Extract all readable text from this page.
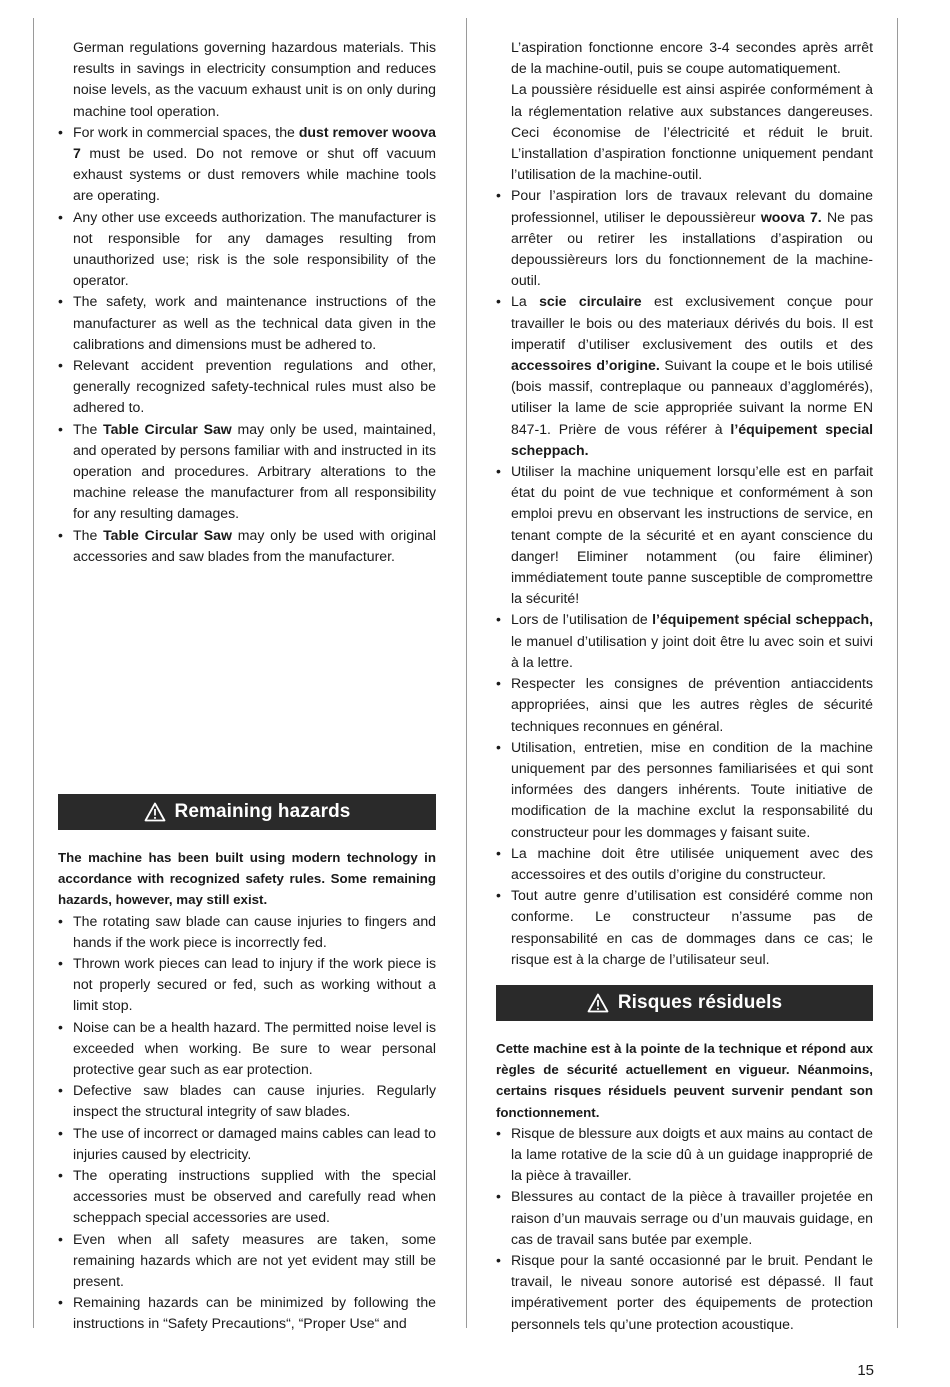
German regulations governing hazardous materials. This results in savings in electricity consumption and reduces noise levels, as the vacuum exhaust unit is on only during machine tool operation.

• For work in commercial spaces, the dust remover woova 7 must be used. Do not remove or shut off vacuum exhaust systems or dust removers while machine tools are operating.
• Any other use exceeds authorization. The manufacturer is not responsible for any damages resulting from unauthorized use; risk is the sole responsibility of the operator.
• The safety, work and maintenance instructions of the manufacturer as well as the technical data given in the calibrations and dimensions must be adhered to.
• Relevant accident prevention regulations and other, generally recognized safety-technical rules must also be adhered to.
• The Table Circular Saw may only be used, maintained, and operated by persons familiar with and instructed in its operation and procedures. Arbitrary alterations to the machine release the manufacturer from all responsibility for any resulting damages.
• The Table Circular Saw may only be used with original accessories and saw blades from the manufacturer.
Remaining hazards

The machine has been built using modern technology in accordance with recognized safety rules. Some remaining hazards, however, may still exist.

• The rotating saw blade can cause injuries to fingers and hands if the work piece is incorrectly fed.
• Thrown work pieces can lead to injury if the work piece is not properly secured or fed, such as working without a limit stop.
• Noise can be a health hazard. The permitted noise level is exceeded when working. Be sure to wear personal protective gear such as ear protection.
• Defective saw blades can cause injuries. Regularly inspect the structural integrity of saw blades.
• The use of incorrect or damaged mains cables can lead to injuries caused by electricity.
• The operating instructions supplied with the special accessories must be observed and carefully read when scheppach special accessories are used.
• Even when all safety measures are taken, some remaining hazards which are not yet evident may still be present.
• Remaining hazards can be minimized by following the instructions in “Safety Precautions“, “Proper Use“ and

L’aspiration fonctionne encore 3-4 secondes après arrêt de la machine-outil, puis se coupe automatiquement.

La poussière résiduelle est ainsi aspirée conformément à la réglementation relative aux substances dangereuses. Ceci économise de l’électricité et réduit le bruit. L’installation d’aspiration fonctionne uniquement pendant l’utilisation de la machine-outil.

• Pour l’aspiration lors de travaux relevant du domaine professionnel, utiliser le depoussièreur woova 7. Ne pas arrêter ou retirer les installations d’aspiration ou depoussièreurs lors du fonctionnement de la machine-outil.
• La scie circulaire est exclusivement conçue pour travailler le bois ou des materiaux dérivés du bois. Il est imperatif d’utiliser exclusivement des outils et des accessoires d’origine. Suivant la coupe et le bois utilisé (bois massif, contreplaque ou panneaux d’agglomérés), utiliser la lame de scie appropriée suivant la norme EN 847-1. Prière de vous référer à l’équipement special scheppach.
• Utiliser la machine uniquement lorsqu’elle est en parfait état du point de vue technique et conformément à son emploi prevu en observant les instructions de service, en tenant compte de la sécurité et en ayant conscience du danger! Eliminer notamment (ou faire éliminer) immédiatement toute panne susceptible de compromettre la sécurité!
• Lors de l’utilisation de l’équipement spécial scheppach, le manuel d’utilisation y joint doit être lu avec soin et suivi à la lettre.
• Respecter les consignes de prévention antiaccidents appropriées, ainsi que les autres règles de sécurité techniques reconnues en général.
• Utilisation, entretien, mise en condition de la machine uniquement par des personnes familiarisées et qui sont informées des dangers inhérents. Toute initiative de modification de la machine exclut la responsabilité du constructeur pour les dommages y faisant suite.
• La machine doit être utilisée uniquement avec des accessoires et des outils d’origine du constructeur.
• Tout autre genre d’utilisation est considéré comme non conforme. Le constructeur n’assume pas de responsabilité en cas de dommages dans ce cas; le risque est à la charge de l’utilisateur seul.
Risques résiduels

Cette machine est à la pointe de la technique et répond aux règles de sécurité actuellement en vigueur. Néanmoins, certains risques résiduels peuvent survenir pendant son fonctionnement.

• Risque de blessure aux doigts et aux mains au contact de la lame rotative de la scie dû à un guidage inapproprié de la pièce à travailler.
• Blessures au contact de la pièce à travailler projetée en raison d’un mauvais serrage ou d’un mauvais guidage, en cas de travail sans butée par exemple.
• Risque pour la santé occasionné par le bruit. Pendant le travail, le niveau sonore autorisé est dépassé. Il faut impérativement porter des équipements de protection personnels tels qu’une protection acoustique.
15
